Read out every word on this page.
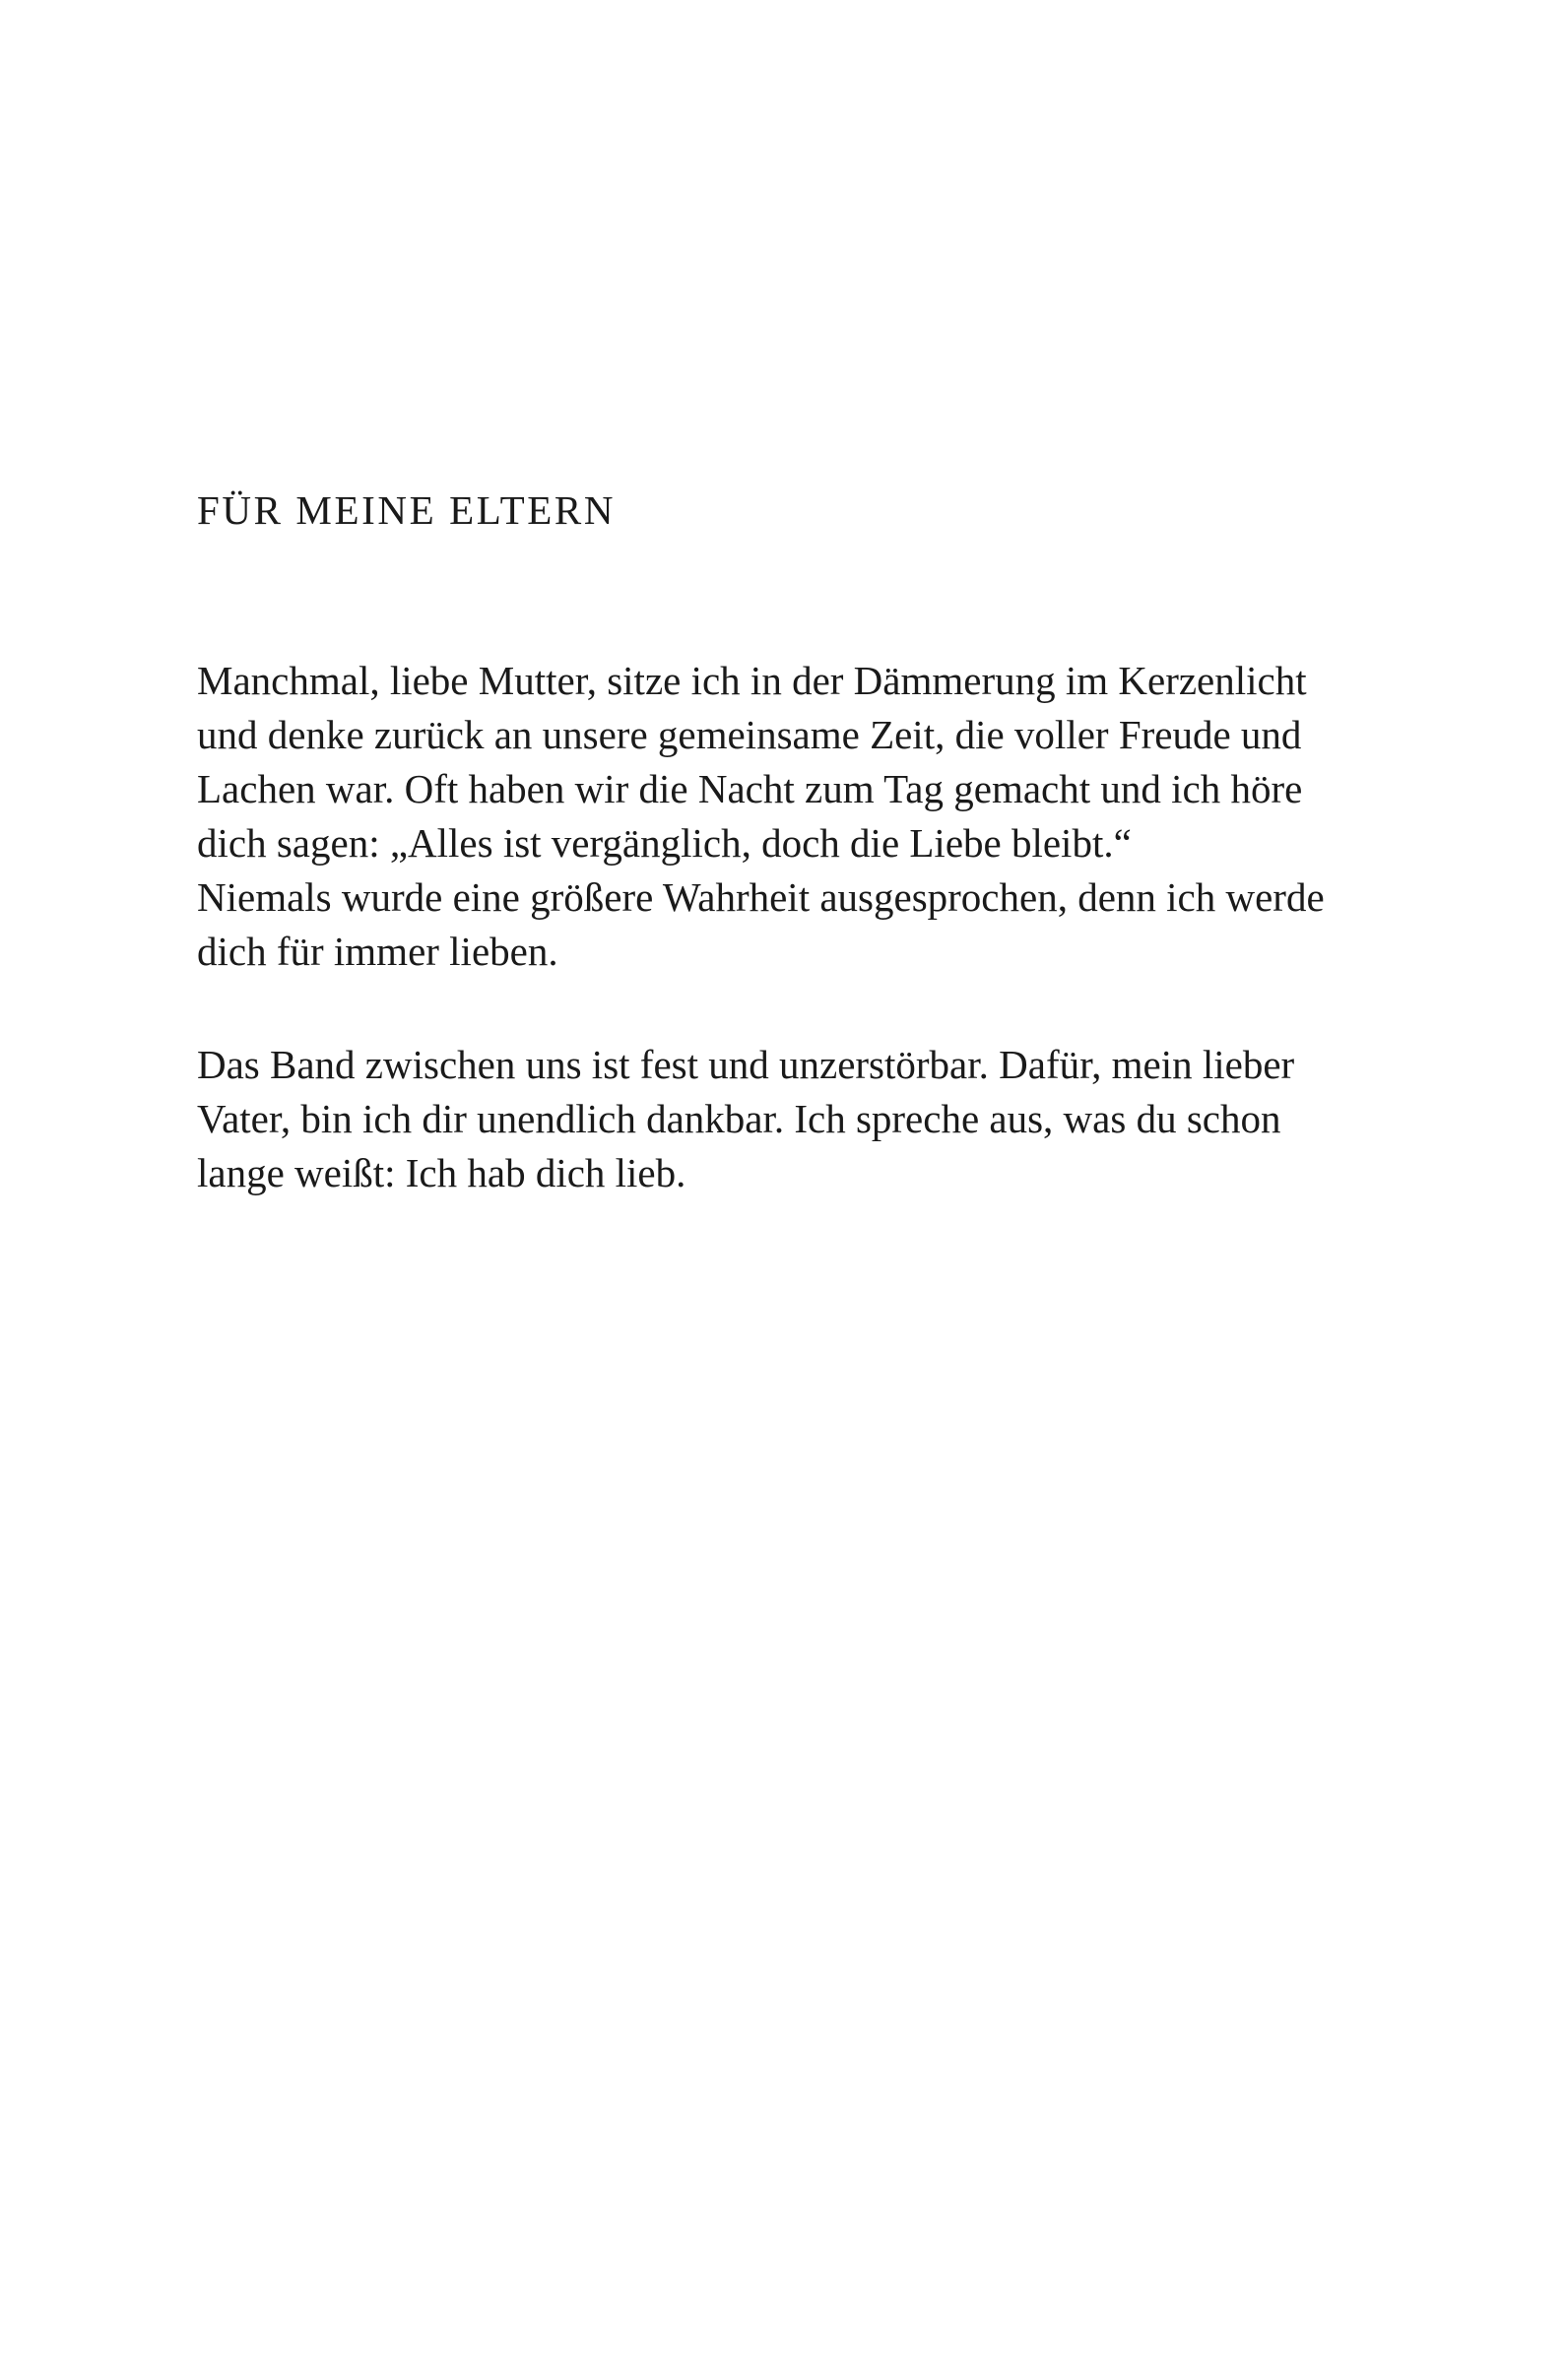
FÜR MEINE ELTERN

Manchmal, liebe Mutter, sitze ich in der Dämmerung im Kerzenlicht
und denke zurück an unsere gemeinsame Zeit, die voller Freude und
Lachen war. Oft haben wir die Nacht zum Tag gemacht und ich höre
dich sagen: „Alles ist vergänglich, doch die Liebe bleibt.“
Niemals wurde eine größere Wahrheit ausgesprochen, denn ich werde
dich für immer lieben.

Das Band zwischen uns ist fest und unzerstörbar. Dafür, mein lieber
Vater, bin ich dir unendlich dankbar. Ich spreche aus, was du schon
lange weißt: Ich hab dich lieb.
